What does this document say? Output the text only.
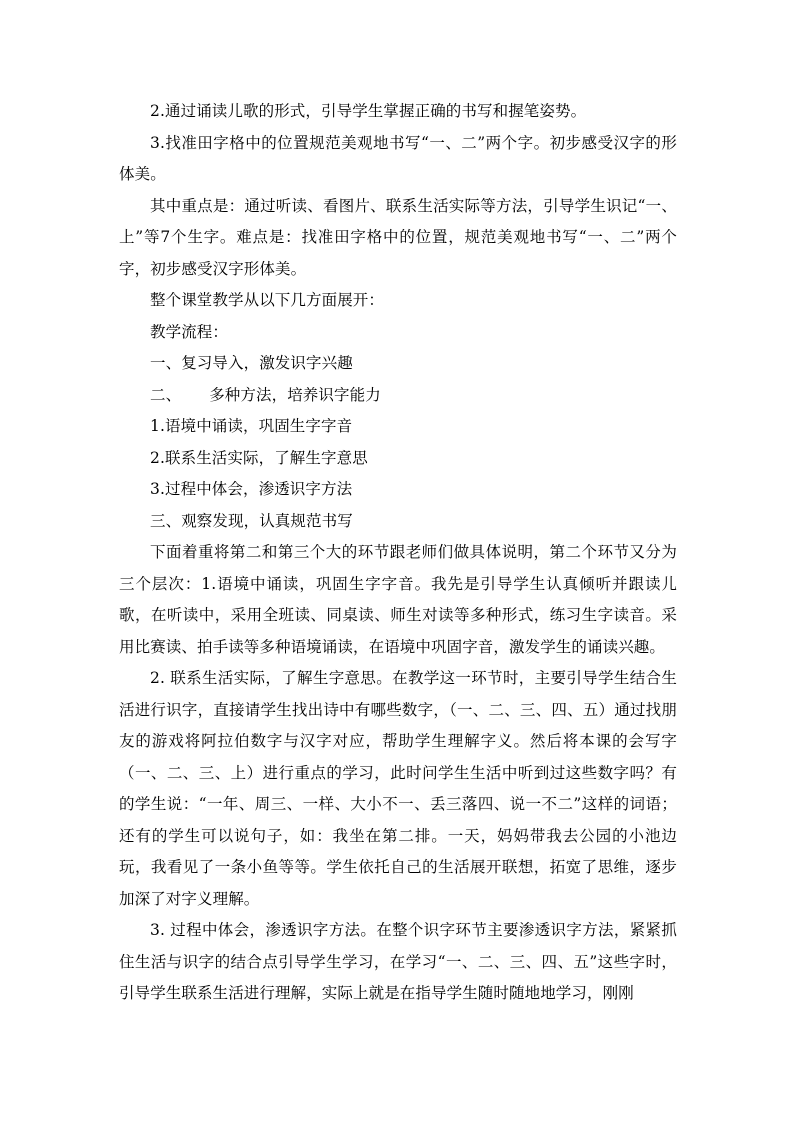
2.通过诵读儿歌的形式，引导学生掌握正确的书写和握笔姿势。

3.找准田字格中的位置规范美观地书写“一、二”两个字。初步感受汉字的形体美。

其中重点是：通过听读、看图片、联系生活实际等方法，引导学生识记“一、上”等7个生字。难点是：找准田字格中的位置，规范美观地书写“一、二”两个字，初步感受汉字形体美。

整个课堂教学从以下几方面展开：

教学流程：

一、复习导入，激发识字兴趣

二、 多种方法，培养识字能力

1.语境中诵读，巩固生字字音

2.联系生活实际，了解生字意思

3.过程中体会，渗透识字方法

三、观察发现，认真规范书写

下面着重将第二和第三个大的环节跟老师们做具体说明，第二个环节又分为三个层次：1.语境中诵读，巩固生字字音。我先是引导学生认真倾听并跟读儿歌，在听读中，采用全班读、同桌读、师生对读等多种形式，练习生字读音。采用比赛读、拍手读等多种语境诵读，在语境中巩固字音，激发学生的诵读兴趣。

2. 联系生活实际，了解生字意思。在教学这一环节时，主要引导学生结合生活进行识字，直接请学生找出诗中有哪些数字，（一、二、三、四、五）通过找朋友的游戏将阿拉伯数字与汉字对应，帮助学生理解字义。然后将本课的会写字（一、二、三、上）进行重点的学习，此时问学生生活中听到过这些数字吗？有的学生说：“一年、周三、一样、大小不一、丢三落四、说一不二”这样的词语；还有的学生可以说句子，如：我坐在第二排。一天，妈妈带我去公园的小池边玩，我看见了一条小鱼等等。学生依托自己的生活展开联想，拓宽了思维，逐步加深了对字义理解。

3. 过程中体会，渗透识字方法。在整个识字环节主要渗透识字方法，紧紧抓住生活与识字的结合点引导学生学习，在学习“一、二、三、四、五”这些字时，引导学生联系生活进行理解，实际上就是在指导学生随时随地地学习，刚刚
